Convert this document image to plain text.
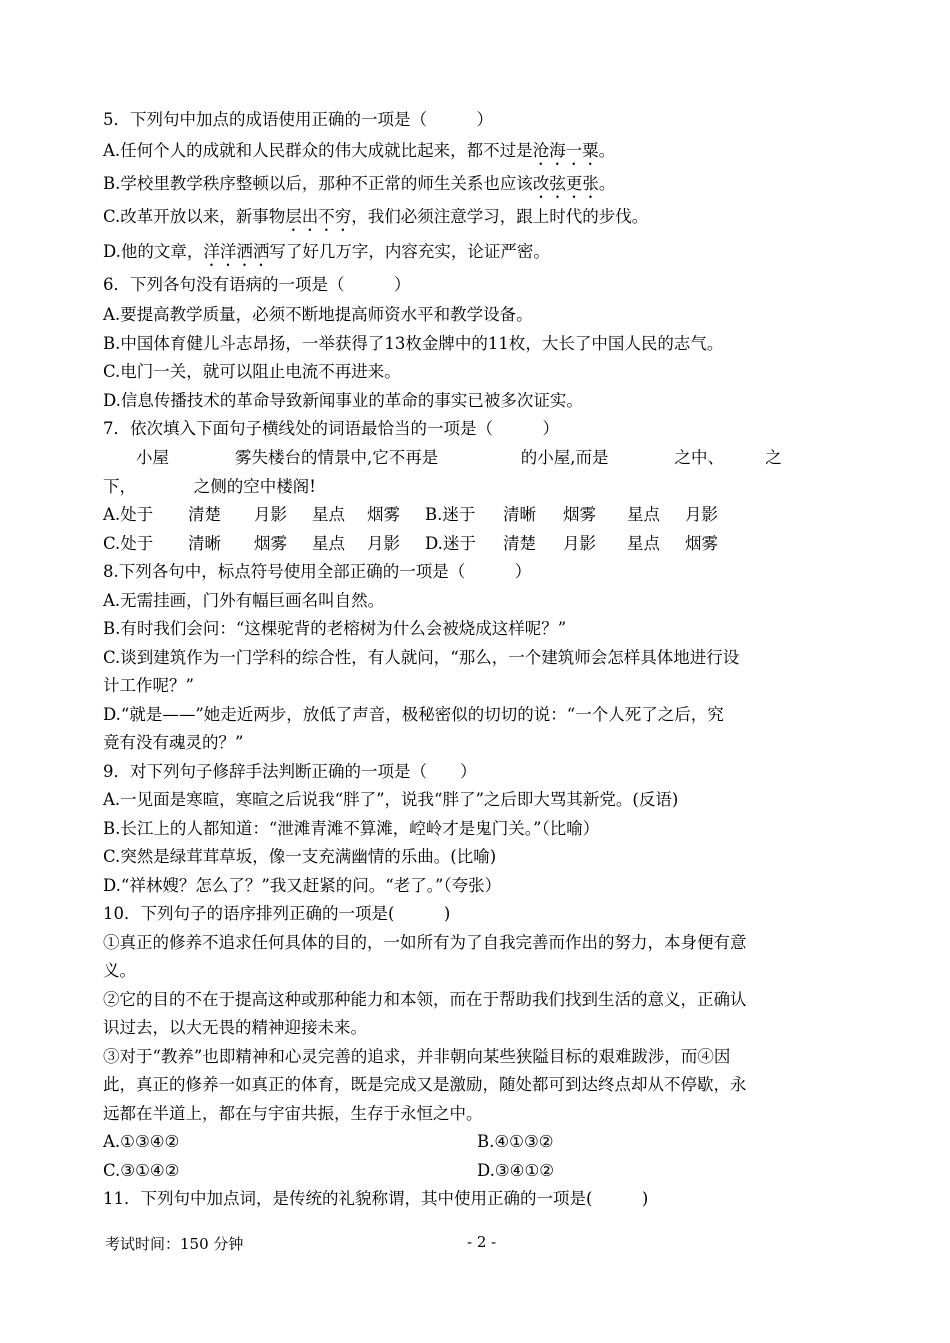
5．下列句中加点的成语使用正确的一项是（　　　）
A.任何个人的成就和人民群众的伟大成就比起来，都不过是沧海一粟。
B.学校里教学秩序整顿以后，那种不正常的师生关系也应该改弦更张。
C.改革开放以来，新事物层出不穷，我们必须注意学习，跟上时代的步伐。
D.他的文章，洋洋洒洒写了好几万字，内容充实，论证严密。
6．下列各句没有语病的一项是（　　　）
A.要提高教学质量，必须不断地提高师资水平和教学设备。
B.中国体育健儿斗志昂扬，一举获得了13枚金牌中的11枚，大长了中国人民的志气。
C.电门一关，就可以阻止电流不再进来。
D.信息传播技术的革命导致新闻事业的革命的事实已被多次证实。
7．依次填入下面句子横线处的词语最恰当的一项是（　　　）
　　小屋　　　　雾失楼台的情景中,它不再是　　　　　的小屋,而是　　　　之中、　　　之
下，　　　　之侧的空中楼阁!
A.处于 清楚 月影 星点 烟雾	B.迷于 清晰 烟雾 星点 月影
C.处于 清晰 烟雾 星点 月影	D.迷于 清楚 月影 星点 烟雾
8.下列各句中，标点符号使用全部正确的一项是（　　　）
A.无需挂画，门外有幅巨画名叫自然。
B.有时我们会问：“这棵驼背的老榕树为什么会被烧成这样呢？”
C.谈到建筑作为一门学科的综合性，有人就问，“那么，一个建筑师会怎样具体地进行设
计工作呢？”
D.“就是——”她走近两步，放低了声音，极秘密似的切切的说：“一个人死了之后，究
竟有没有魂灵的？”
9．对下列句子修辞手法判断正确的一项是（　　）
A.一见面是寒暄，寒暄之后说我“胖了”，说我“胖了”之后即大骂其新党。(反语)
B.长江上的人都知道：“泄滩青滩不算滩，崆岭才是鬼门关。”（比喻）
C.突然是绿茸茸草坂，像一支充满幽情的乐曲。(比喻)
D.“祥林嫂？怎么了？”我又赶紧的问。“老了。”（夸张）
10．下列句子的语序排列正确的一项是(　　　)
①真正的修养不追求任何具体的目的，一如所有为了自我完善而作出的努力，本身便有意
义。
②它的目的不在于提高这种或那种能力和本领，而在于帮助我们找到生活的意义，正确认
识过去，以大无畏的精神迎接未来。
③对于“教养”也即精神和心灵完善的追求，并非朝向某些狭隘目标的艰难跋涉，而④因
此，真正的修养一如真正的体育，既是完成又是激励，随处都可到达终点却从不停歇，永
远都在半道上，都在与宇宙共振，生存于永恒之中。
A.①③④②	B.④①③②
C.③①④②	D.③④①②
11．下列句中加点词，是传统的礼貌称谓，其中使用正确的一项是(　　　)
考试时间：150 分钟	- 2 -
